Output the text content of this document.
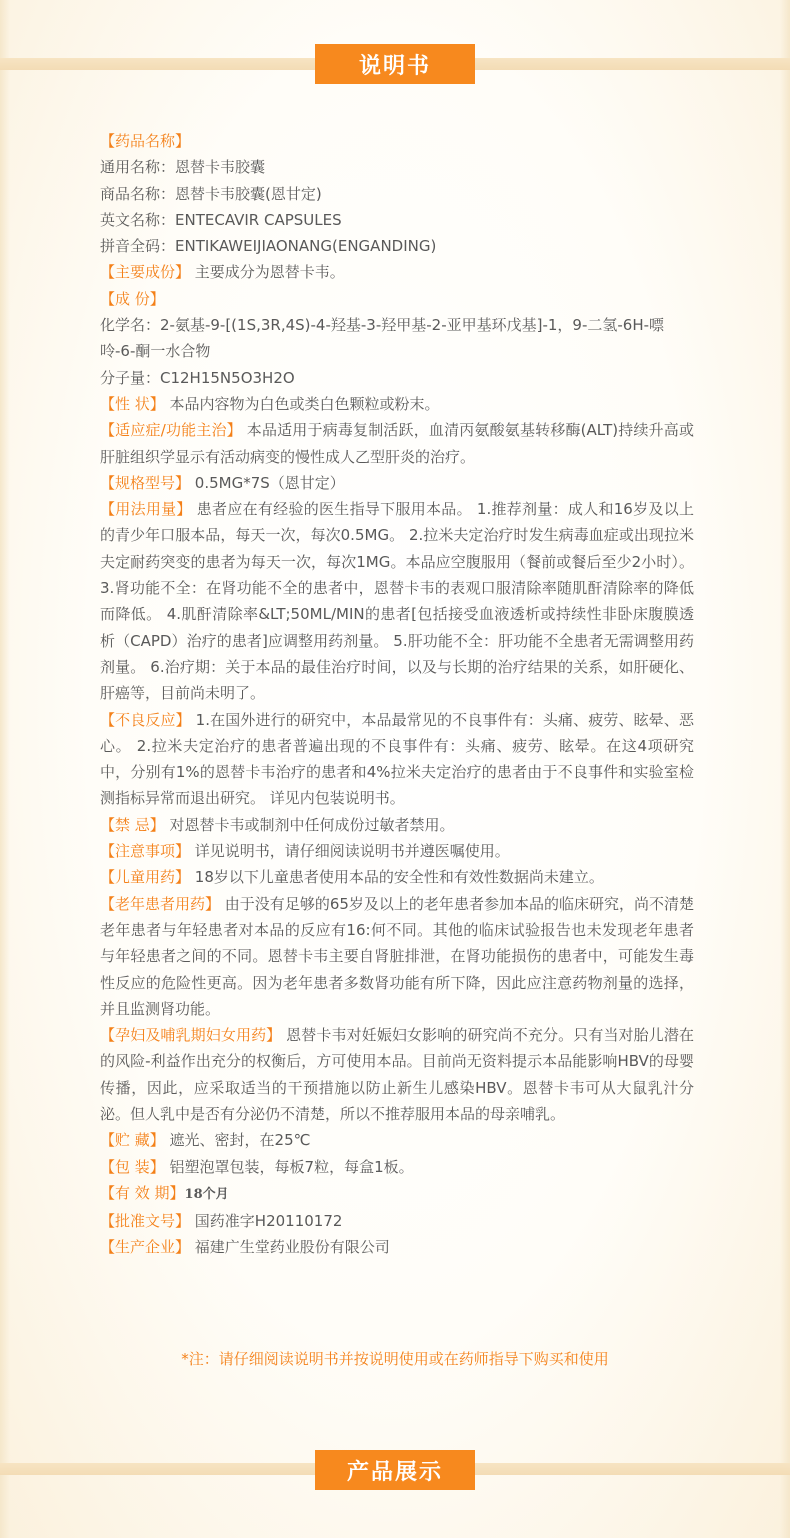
说明书

【药品名称】

通用名称：恩替卡韦胶囊

商品名称：恩替卡韦胶囊(恩甘定)

英文名称：ENTECAVIR CAPSULES

拼音全码：ENTIKAWEIJIAONANG(ENGANDING)

【主要成份】 主要成分为恩替卡韦。

【成 份】

化学名：2-氨基-9-[(1S,3R,4S)-4-羟基-3-羟甲基-2-亚甲基环戊基]-1，9-二氢-6H-嘌呤-6-酮一水合物

分子量：C12H15N5O3H2O

【性 状】 本品内容物为白色或类白色颗粒或粉末。

【适应症/功能主治】 本品适用于病毒复制活跃，血清丙氨酸氨基转移酶(ALT)持续升高或肝脏组织学显示有活动病变的慢性成人乙型肝炎的治疗。

【规格型号】 0.5MG*7S（恩甘定）

【用法用量】 患者应在有经验的医生指导下服用本品。 1.推荐剂量：成人和16岁及以上的青少年口服本品，每天一次，每次0.5MG。 2.拉米夫定治疗时发生病毒血症或出现拉米夫定耐药突变的患者为每天一次，每次1MG。本品应空腹服用（餐前或餐后至少2小时）。 3.肾功能不全：在肾功能不全的患者中，恩替卡韦的表观口服清除率随肌酐清除率的降低而降低。 4.肌酐清除率&LT;50ML/MIN的患者[包括接受血液透析或持续性非卧床腹膜透析（CAPD）治疗的患者]应调整用药剂量。 5.肝功能不全：肝功能不全患者无需调整用药剂量。 6.治疗期：关于本品的最佳治疗时间，以及与长期的治疗结果的关系，如肝硬化、肝癌等，目前尚未明了。

【不良反应】 1.在国外进行的研究中，本品最常见的不良事件有：头痛、疲劳、眩晕、恶心。 2.拉米夫定治疗的患者普遍出现的不良事件有：头痛、疲劳、眩晕。在这4项研究中，分别有1%的恩替卡韦治疗的患者和4%拉米夫定治疗的患者由于不良事件和实验室检测指标异常而退出研究。 详见内包装说明书。

【禁 忌】 对恩替卡韦或制剂中任何成份过敏者禁用。

【注意事项】 详见说明书，请仔细阅读说明书并遵医嘱使用。

【儿童用药】 18岁以下儿童患者使用本品的安全性和有效性数据尚未建立。

【老年患者用药】 由于没有足够的65岁及以上的老年患者参加本品的临床研究，尚不清楚老年患者与年轻患者对本品的反应有16:何不同。其他的临床试验报告也未发现老年患者与年轻患者之间的不同。恩替卡韦主要自肾脏排泄，在肾功能损伤的患者中，可能发生毒性反应的危险性更高。因为老年患者多数肾功能有所下降，因此应注意药物剂量的选择，并且监测肾功能。

【孕妇及哺乳期妇女用药】 恩替卡韦对妊娠妇女影响的研究尚不充分。只有当对胎儿潜在的风险-利益作出充分的权衡后，方可使用本品。目前尚无资料提示本品能影响HBV的母婴传播，因此，应采取适当的干预措施以防止新生儿感染HBV。恩替卡韦可从大鼠乳汁分泌。但人乳中是否有分泌仍不清楚，所以不推荐服用本品的母亲哺乳。

【贮 藏】 遮光、密封，在25℃

【包 装】 铝塑泡罩包装，每板7粒，每盒1板。

【有 效 期】18个月

【批准文号】 国药准字H20110172

【生产企业】 福建广生堂药业股份有限公司

*注：请仔细阅读说明书并按说明使用或在药师指导下购买和使用
产品展示
